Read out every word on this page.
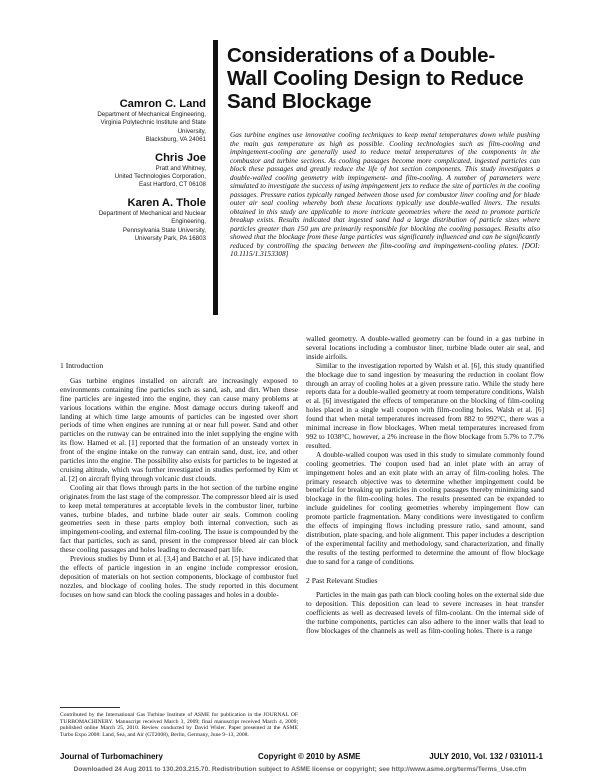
Considerations of a Double-Wall Cooling Design to Reduce Sand Blockage
Camron C. Land
Department of Mechanical Engineering,
Virginia Polytechnic Institute and State
University,
Blacksburg, VA 24061
Chris Joe
Pratt and Whitney,
United Technologies Corporation,
East Hartford, CT 06108
Karen A. Thole
Department of Mechanical and Nuclear
Engineering,
Pennsylvania State University,
University Park, PA 16803
Gas turbine engines use innovative cooling techniques to keep metal temperatures down while pushing the main gas temperature as high as possible. Cooling technologies such as film-cooling and impingement-cooling are generally used to reduce metal temperatures of the components in the combustor and turbine sections. As cooling passages become more complicated, ingested particles can block these passages and greatly reduce the life of hot section components. This study investigates a double-walled cooling geometry with impingement- and film-cooling. A number of parameters were simulated to investigate the success of using impingement jets to reduce the size of particles in the cooling passages. Pressure ratios typically ranged between those used for combustor liner cooling and for blade outer air seal cooling whereby both these locations typically use double-walled liners. The results obtained in this study are applicable to more intricate geometries where the need to promote particle breakup exists. Results indicated that ingested sand had a large distribution of particle sizes where particles greater than 150 μm are primarily responsible for blocking the cooling passages. Results also showed that the blockage from these large particles was significantly influenced and can be significantly reduced by controlling the spacing between the film-cooling and impingement-cooling plates. [DOI: 10.1115/1.3153308]
1 Introduction

Gas turbine engines installed on aircraft are increasingly exposed to environments containing fine particles such as sand, ash, and dirt. When these fine particles are ingested into the engine, they can cause many problems at various locations within the engine. Most damage occurs during takeoff and landing at which time large amounts of particles can be ingested over short periods of time when engines are running at or near full power. Sand and other particles on the runway can be entrained into the inlet supplying the engine with its flow. Hamed et al. [1] reported that the formation of an unsteady vortex in front of the engine intake on the runway can entrain sand, dust, ice, and other particles into the engine. The possibility also exists for particles to be ingested at cruising altitude, which was further investigated in studies performed by Kim et al. [2] on aircraft flying through volcanic dust clouds.

Cooling air that flows through parts in the hot section of the turbine engine originates from the last stage of the compressor. The compressor bleed air is used to keep metal temperatures at acceptable levels in the combustor liner, turbine vanes, turbine blades, and turbine blade outer air seals. Common cooling geometries seen in these parts employ both internal convection, such as impingement-cooling, and external film-cooling. The issue is compounded by the fact that particles, such as sand, present in the compressor bleed air can block these cooling passages and holes leading to decreased part life.

Previous studies by Dunn et al. [3,4] and Batcho et al. [5] have indicated that the effects of particle ingestion in an engine include compressor erosion, deposition of materials on hot section components, blockage of combustor fuel nozzles, and blockage of cooling holes. The study reported in this document focuses on how sand can block the cooling passages and holes in a double-

walled geometry. A double-walled geometry can be found in a gas turbine in several locations including a combustor liner, turbine blade outer air seal, and inside airfoils.

Similar to the investigation reported by Walsh et al. [6], this study quantified the blockage due to sand ingestion by measuring the reduction in coolant flow through an array of cooling holes at a given pressure ratio. While the study here reports data for a double-walled geometry at room temperature conditions, Walsh et al. [6] investigated the effects of temperature on the blocking of film-cooling holes placed in a single wall coupon with film-cooling holes. Walsh et al. [6] found that when metal temperatures increased from 882 to 992°C, there was a minimal increase in flow blockages. When metal temperatures increased from 992 to 1038°C, however, a 2% increase in the flow blockage from 5.7% to 7.7% resulted.

A double-walled coupon was used in this study to simulate commonly found cooling geometries. The coupon used had an inlet plate with an array of impingement holes and an exit plate with an array of film-cooling holes. The primary research objective was to determine whether impingement could be beneficial for breaking up particles in cooling passages thereby minimizing sand blockage in the film-cooling holes. The results presented can be expanded to include guidelines for cooling geometries whereby impingement flow can promote particle fragmentation. Many conditions were investigated to confirm the effects of impinging flows including pressure ratio, sand amount, sand distribution, plate spacing, and hole alignment. This paper includes a description of the experimental facility and methodology, sand characterization, and finally the results of the testing performed to determine the amount of flow blockage due to sand for a range of conditions.

2 Past Relevant Studies

Particles in the main gas path can block cooling holes on the external side due to deposition. This deposition can lead to severe increases in heat transfer coefficients as well as decreased levels of film-coolant. On the internal side of the turbine components, particles can also adhere to the inner walls that lead to flow blockages of the channels as well as film-cooling holes. There is a range

Contributed by the International Gas Turbine Institute of ASME for publication in the JOURNAL OF TURBOMACHINERY. Manuscript received March 3, 2009; final manuscript received March 4, 2009; published online March 25, 2010. Review conducted by David Wisler. Paper presented at the ASME Turbo Expo 2008: Land, Sea, and Air (GT2008), Berlin, Germany, June 9–13, 2008.
Journal of Turbomachinery	Copyright © 2010 by ASME	JULY 2010, Vol. 132 / 031011-1
Downloaded 24 Aug 2011 to 130.203.215.70. Redistribution subject to ASME license or copyright; see http://www.asme.org/terms/Terms_Use.cfm
